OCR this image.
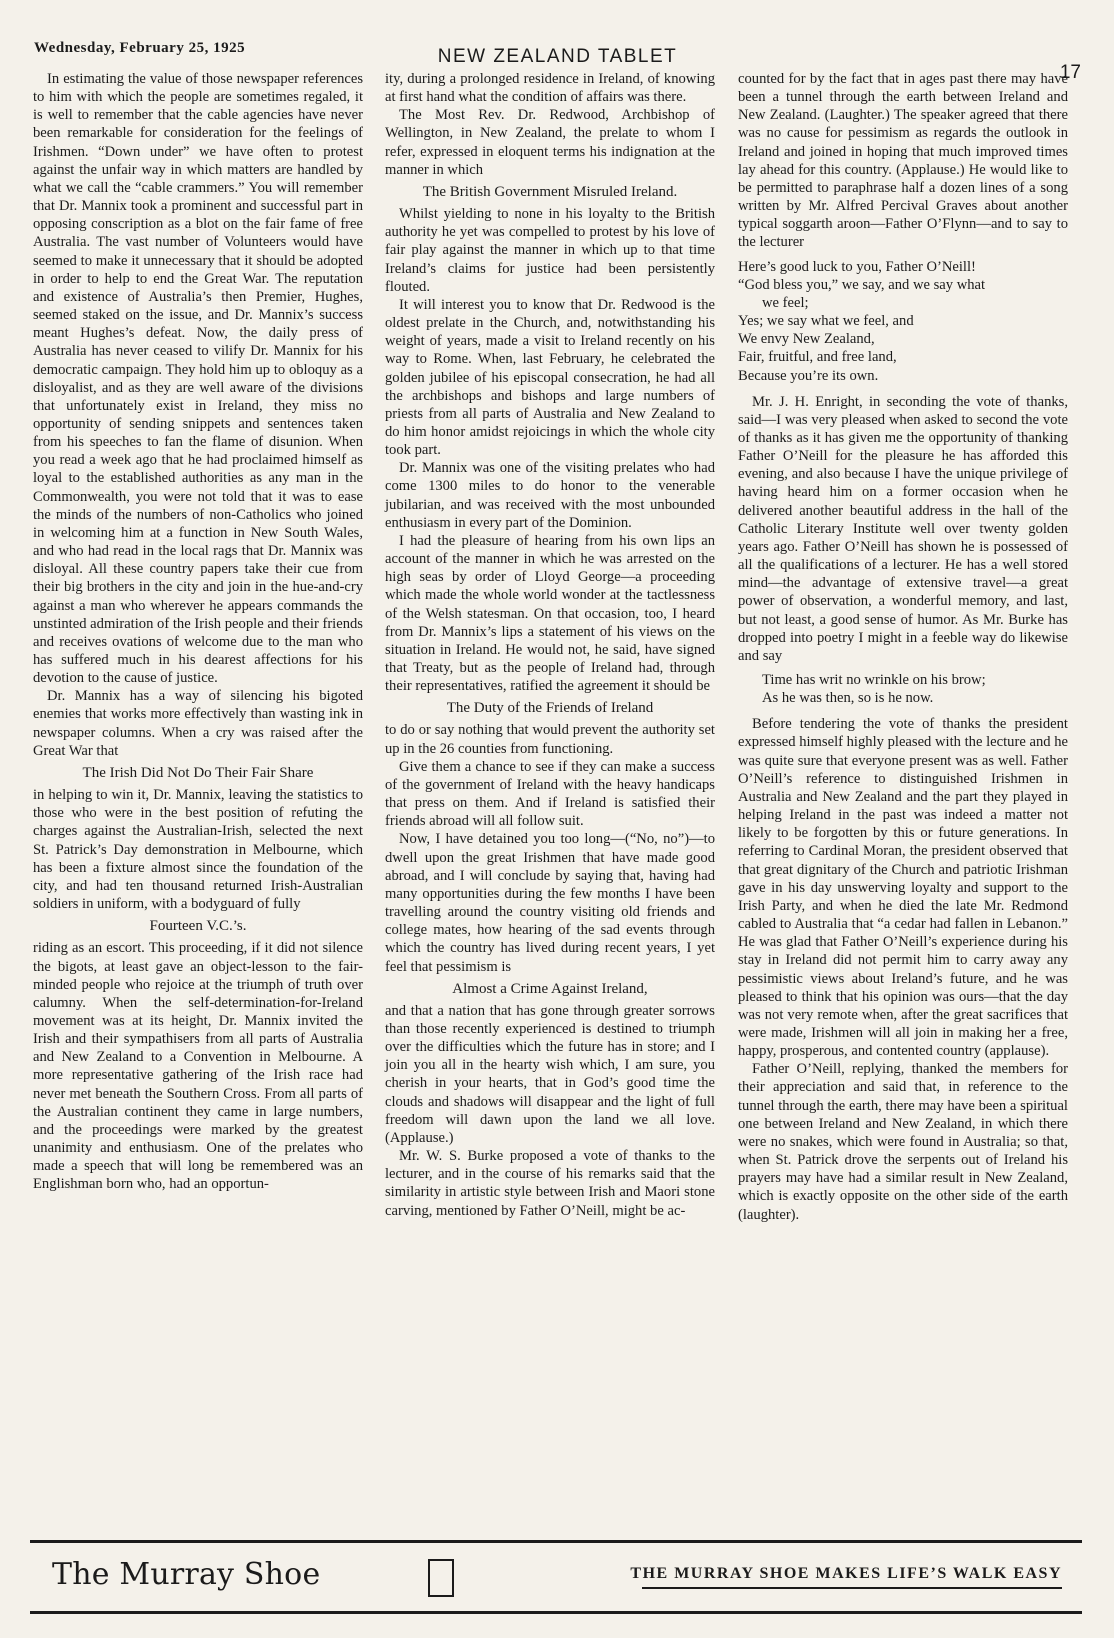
Wednesday, February 25, 1925	NEW ZEALAND TABLET
17

In estimating the value of those newspaper references to him with which the people are sometimes regaled, it is well to remember that the cable agencies have never been remarkable for consideration for the feelings of Irishmen. “Down under” we have often to protest against the unfair way in which matters are handled by what we call the “cable crammers.” You will remember that Dr. Mannix took a prominent and successful part in opposing conscription as a blot on the fair fame of free Australia. The vast number of Volunteers would have seemed to make it unnecessary that it should be adopted in order to help to end the Great War. The reputation and existence of Australia’s then Premier, Hughes, seemed staked on the issue, and Dr. Mannix’s success meant Hughes’s defeat. Now, the daily press of Australia has never ceased to vilify Dr. Mannix for his democratic campaign. They hold him up to obloquy as a disloyalist, and as they are well aware of the divisions that unfortunately exist in Ireland, they miss no opportunity of sending snippets and sentences taken from his speeches to fan the flame of disunion. When you read a week ago that he had proclaimed himself as loyal to the established authorities as any man in the Commonwealth, you were not told that it was to ease the minds of the numbers of non-Catholics who joined in welcoming him at a function in New South Wales, and who had read in the local rags that Dr. Mannix was disloyal. All these country papers take their cue from their big brothers in the city and join in the hue-and-cry against a man who wherever he appears commands the unstinted admiration of the Irish people and their friends and receives ovations of welcome due to the man who has suffered much in his dearest affections for his devotion to the cause of justice.

Dr. Mannix has a way of silencing his bigoted enemies that works more effectively than wasting ink in newspaper columns. When a cry was raised after the Great War that

The Irish Did Not Do Their Fair Share

in helping to win it, Dr. Mannix, leaving the statistics to those who were in the best position of refuting the charges against the Australian-Irish, selected the next St. Patrick’s Day demonstration in Melbourne, which has been a fixture almost since the foundation of the city, and had ten thousand returned Irish-Australian soldiers in uniform, with a bodyguard of fully

Fourteen V.C.’s.

riding as an escort. This proceeding, if it did not silence the bigots, at least gave an object-lesson to the fair-minded people who rejoice at the triumph of truth over calumny. When the self-determination-for-Ireland movement was at its height, Dr. Mannix invited the Irish and their sympathisers from all parts of Australia and New Zealand to a Convention in Melbourne. A more representative gathering of the Irish race had never met beneath the Southern Cross. From all parts of the Australian continent they came in large numbers, and the proceedings were marked by the greatest unanimity and enthusiasm. One of the prelates who made a speech that will long be remembered was an Englishman born who, had an opportun-

ity, during a prolonged residence in Ireland, of knowing at first hand what the condition of affairs was there.

The Most Rev. Dr. Redwood, Archbishop of Wellington, in New Zealand, the prelate to whom I refer, expressed in eloquent terms his indignation at the manner in which

The British Government Misruled Ireland.

Whilst yielding to none in his loyalty to the British authority he yet was compelled to protest by his love of fair play against the manner in which up to that time Ireland’s claims for justice had been persistently flouted.

It will interest you to know that Dr. Redwood is the oldest prelate in the Church, and, notwithstanding his weight of years, made a visit to Ireland recently on his way to Rome. When, last February, he celebrated the golden jubilee of his episcopal consecration, he had all the archbishops and bishops and large numbers of priests from all parts of Australia and New Zealand to do him honor amidst rejoicings in which the whole city took part.

Dr. Mannix was one of the visiting prelates who had come 1300 miles to do honor to the venerable jubilarian, and was received with the most unbounded enthusiasm in every part of the Dominion.

I had the pleasure of hearing from his own lips an account of the manner in which he was arrested on the high seas by order of Lloyd George—a proceeding which made the whole world wonder at the tactlessness of the Welsh statesman. On that occasion, too, I heard from Dr. Mannix’s lips a statement of his views on the situation in Ireland. He would not, he said, have signed that Treaty, but as the people of Ireland had, through their representatives, ratified the agreement it should be

The Duty of the Friends of Ireland

to do or say nothing that would prevent the authority set up in the 26 counties from functioning.

Give them a chance to see if they can make a success of the government of Ireland with the heavy handicaps that press on them. And if Ireland is satisfied their friends abroad will all follow suit.

Now, I have detained you too long—(“No, no”)—to dwell upon the great Irishmen that have made good abroad, and I will conclude by saying that, having had many opportunities during the few months I have been travelling around the country visiting old friends and college mates, how hearing of the sad events through which the country has lived during recent years, I yet feel that pessimism is

Almost a Crime Against Ireland,

and that a nation that has gone through greater sorrows than those recently experienced is destined to triumph over the difficulties which the future has in store; and I join you all in the hearty wish which, I am sure, you cherish in your hearts, that in God’s good time the clouds and shadows will disappear and the light of full freedom will dawn upon the land we all love. (Applause.)

Mr. W. S. Burke proposed a vote of thanks to the lecturer, and in the course of his remarks said that the similarity in artistic style between Irish and Maori stone carving, mentioned by Father O’Neill, might be ac-

counted for by the fact that in ages past there may have been a tunnel through the earth between Ireland and New Zealand. (Laughter.) The speaker agreed that there was no cause for pessimism as regards the outlook in Ireland and joined in hoping that much improved times lay ahead for this country. (Applause.) He would like to be permitted to paraphrase half a dozen lines of a song written by Mr. Alfred Percival Graves about another typical soggarth aroon—Father O’Flynn—and to say to the lecturer

Here’s good luck to you, Father O’Neill!

“God bless you,” we say, and we say what

we feel;

Yes; we say what we feel, and

We envy New Zealand,

Fair, fruitful, and free land,

Because you’re its own.

Mr. J. H. Enright, in seconding the vote of thanks, said—I was very pleased when asked to second the vote of thanks as it has given me the opportunity of thanking Father O’Neill for the pleasure he has afforded this evening, and also because I have the unique privilege of having heard him on a former occasion when he delivered another beautiful address in the hall of the Catholic Literary Institute well over twenty golden years ago. Father O’Neill has shown he is possessed of all the qualifications of a lecturer. He has a well stored mind—the advantage of extensive travel—a great power of observation, a wonderful memory, and last, but not least, a good sense of humor. As Mr. Burke has dropped into poetry I might in a feeble way do likewise and say

Time has writ no wrinkle on his brow;

As he was then, so is he now.

Before tendering the vote of thanks the president expressed himself highly pleased with the lecture and he was quite sure that everyone present was as well. Father O’Neill’s reference to distinguished Irishmen in Australia and New Zealand and the part they played in helping Ireland in the past was indeed a matter not likely to be forgotten by this or future generations. In referring to Cardinal Moran, the president observed that that great dignitary of the Church and patriotic Irishman gave in his day unswerving loyalty and support to the Irish Party, and when he died the late Mr. Redmond cabled to Australia that “a cedar had fallen in Lebanon.” He was glad that Father O’Neill’s experience during his stay in Ireland did not permit him to carry away any pessimistic views about Ireland’s future, and he was pleased to think that his opinion was ours—that the day was not very remote when, after the great sacrifices that were made, Irishmen will all join in making her a free, happy, prosperous, and contented country (applause).

Father O’Neill, replying, thanked the members for their appreciation and said that, in reference to the tunnel through the earth, there may have been a spiritual one between Ireland and New Zealand, in which there were no snakes, which were found in Australia; so that, when St. Patrick drove the serpents out of Ireland his prayers may have had a similar result in New Zealand, which is exactly opposite on the other side of the earth (laughter).

The Murray Shoe	THE MURRAY SHOE MAKES LIFE’S WALK EASY
